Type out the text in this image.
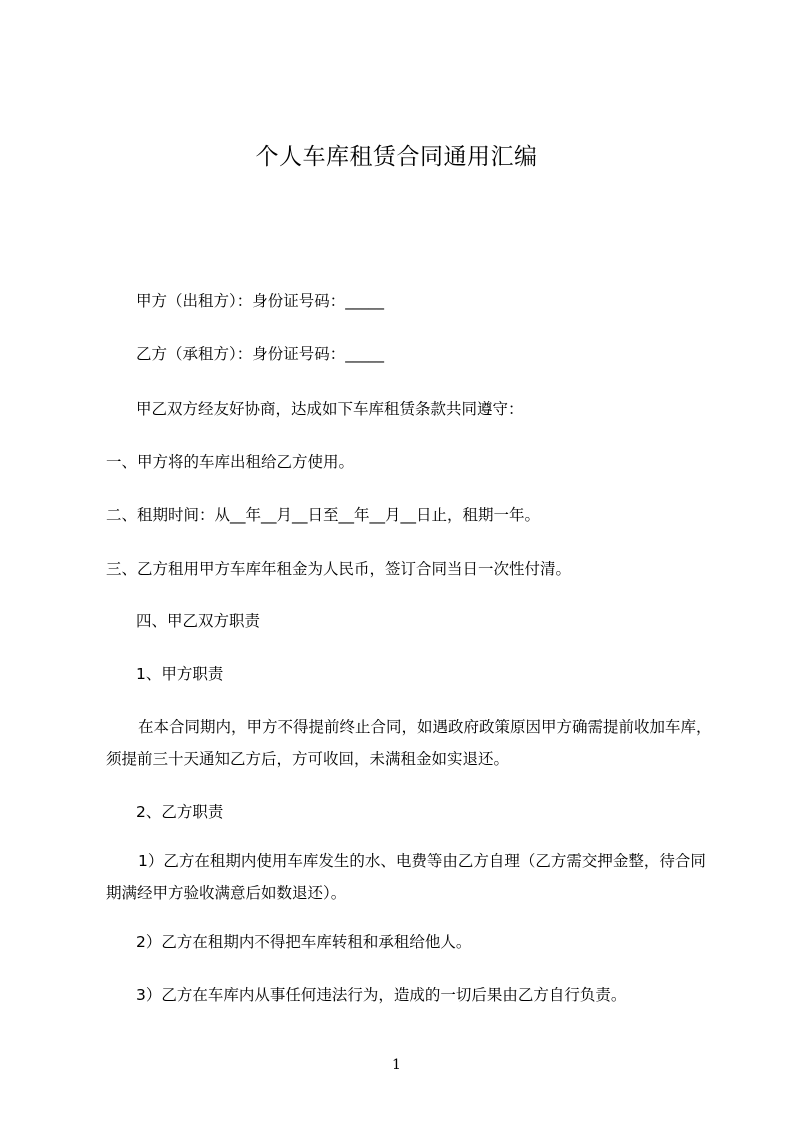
个人车库租赁合同通用汇编
甲方（出租方）：身份证号码：_____
乙方（承租方）：身份证号码：_____
甲乙双方经友好协商，达成如下车库租赁条款共同遵守：
一、甲方将的车库出租给乙方使用。
二、租期时间：从__年__月__日至__年__月__日止，租期一年。
三、乙方租用甲方车库年租金为人民币，签订合同当日一次性付清。
四、甲乙双方职责
1、甲方职责
在本合同期内，甲方不得提前终止合同，如遇政府政策原因甲方确需提前收加车库，须提前三十天通知乙方后，方可收回，未满租金如实退还。
2、乙方职责
1）乙方在租期内使用车库发生的水、电费等由乙方自理（乙方需交押金整，待合同期满经甲方验收满意后如数退还）。
2）乙方在租期内不得把车库转租和承租给他人。
3）乙方在车库内从事任何违法行为，造成的一切后果由乙方自行负责。
1
